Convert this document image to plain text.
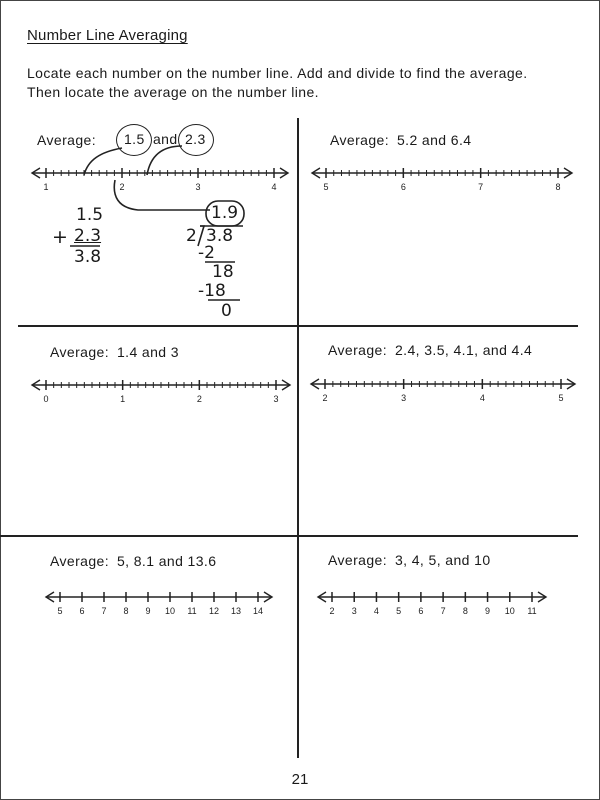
Number Line Averaging
Locate each number on the number line. Add and divide to find the average.
Then locate the average on the number line.
Average: 1.5 and 2.3	Average: 5.2 and 6.4
Average: 1.4 and 3	Average: 2.4, 3.5, 4.1, and 4.4
Average: 5, 8.1 and 13.6	Average: 3, 4, 5, and 10
1	2	3	4	5	6	7	8
0	1	2	3	2	3	4	5
5 6 7 8 9 10 11 12 13 14	2 3 4 5 6 7 8 9 10 11
1.5
+ 2.3
3.8
1.9
2 3.8
-2
18
-18
0
21
